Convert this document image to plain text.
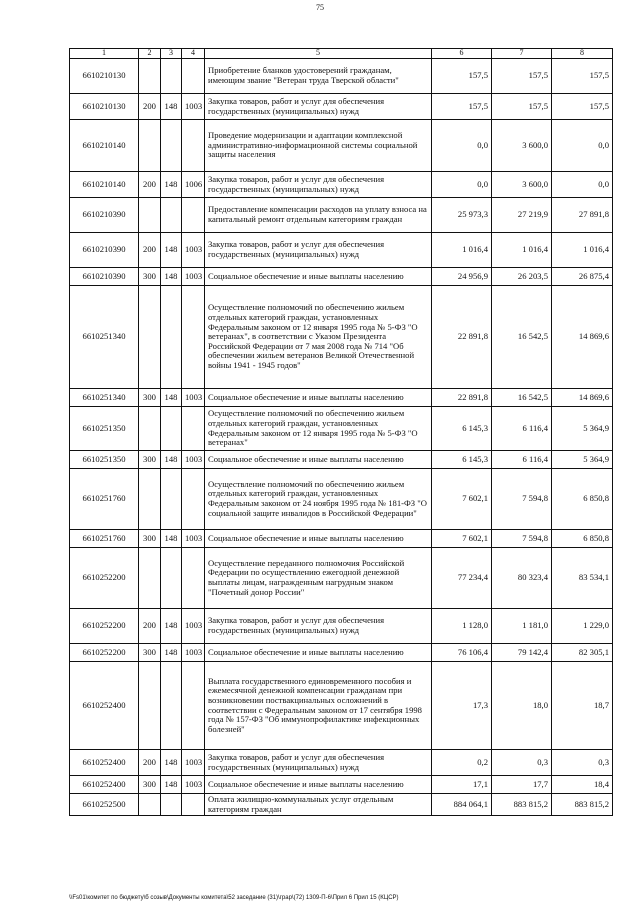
75
1	2	3	4	5	6	7	8
6610210130				Приобретение бланков удостоверений гражданам, имеющим звание "Ветеран труда Тверской области"	157,5	157,5	157,5
6610210130	200	148	1003	Закупка товаров, работ и услуг для обеспечения государственных (муниципальных) нужд	157,5	157,5	157,5
6610210140				Проведение модернизации и адаптации комплексной административно-информационной системы социальной защиты населения	0,0	3 600,0	0,0
6610210140	200	148	1006	Закупка товаров, работ и услуг для обеспечения государственных (муниципальных) нужд	0,0	3 600,0	0,0
6610210390				Предоставление компенсации расходов на уплату взноса на капитальный ремонт отдельным категориям граждан	25 973,3	27 219,9	27 891,8
6610210390	200	148	1003	Закупка товаров, работ и услуг для обеспечения государственных (муниципальных) нужд	1 016,4	1 016,4	1 016,4
6610210390	300	148	1003	Социальное обеспечение и иные выплаты населению	24 956,9	26 203,5	26 875,4
6610251340				Осуществление полномочий по обеспечению жильем отдельных категорий граждан, установленных Федеральным законом от 12 января 1995 года № 5-ФЗ "О ветеранах", в соответствии с Указом Президента Российской Федерации от 7 мая 2008 года № 714 "Об обеспечении жильем ветеранов Великой Отечественной войны 1941 - 1945 годов"	22 891,8	16 542,5	14 869,6
6610251340	300	148	1003	Социальное обеспечение и иные выплаты населению	22 891,8	16 542,5	14 869,6
6610251350				Осуществление полномочий по обеспечению жильем отдельных категорий граждан, установленных Федеральным законом от 12 января 1995 года № 5-ФЗ "О ветеранах"	6 145,3	6 116,4	5 364,9
6610251350	300	148	1003	Социальное обеспечение и иные выплаты населению	6 145,3	6 116,4	5 364,9
6610251760				Осуществление полномочий по обеспечению жильем отдельных категорий граждан, установленных Федеральным законом от 24 ноября 1995 года № 181-ФЗ "О социальной защите инвалидов в Российской Федерации"	7 602,1	7 594,8	6 850,8
6610251760	300	148	1003	Социальное обеспечение и иные выплаты населению	7 602,1	7 594,8	6 850,8
6610252200				Осуществление переданного полномочия Российской Федерации по осуществлению ежегодной денежной выплаты лицам, награжденным нагрудным знаком "Почетный донор России"	77 234,4	80 323,4	83 534,1
6610252200	200	148	1003	Закупка товаров, работ и услуг для обеспечения государственных (муниципальных) нужд	1 128,0	1 181,0	1 229,0
6610252200	300	148	1003	Социальное обеспечение и иные выплаты населению	76 106,4	79 142,4	82 305,1
6610252400				Выплата государственного единовременного пособия и ежемесячной денежной компенсации гражданам при возникновении поствакцинальных осложнений в соответствии с Федеральным законом от 17 сентября 1998 года № 157-ФЗ "Об иммунопрофилактике инфекционных болезней"	17,3	18,0	18,7
6610252400	200	148	1003	Закупка товаров, работ и услуг для обеспечения государственных (муниципальных) нужд	0,2	0,3	0,3
6610252400	300	148	1003	Социальное обеспечение и иные выплаты населению	17,1	17,7	18,4
6610252500				Оплата жилищно-коммунальных услуг отдельным категориям граждан	884 064,1	883 815,2	883 815,2
\\Fs01\комитет по бюджету\б созыв\Документы комитета\52 заседание (31)\грар\(72) 1309-П-6\Прил 6 Прил 15 (КЦСР)
